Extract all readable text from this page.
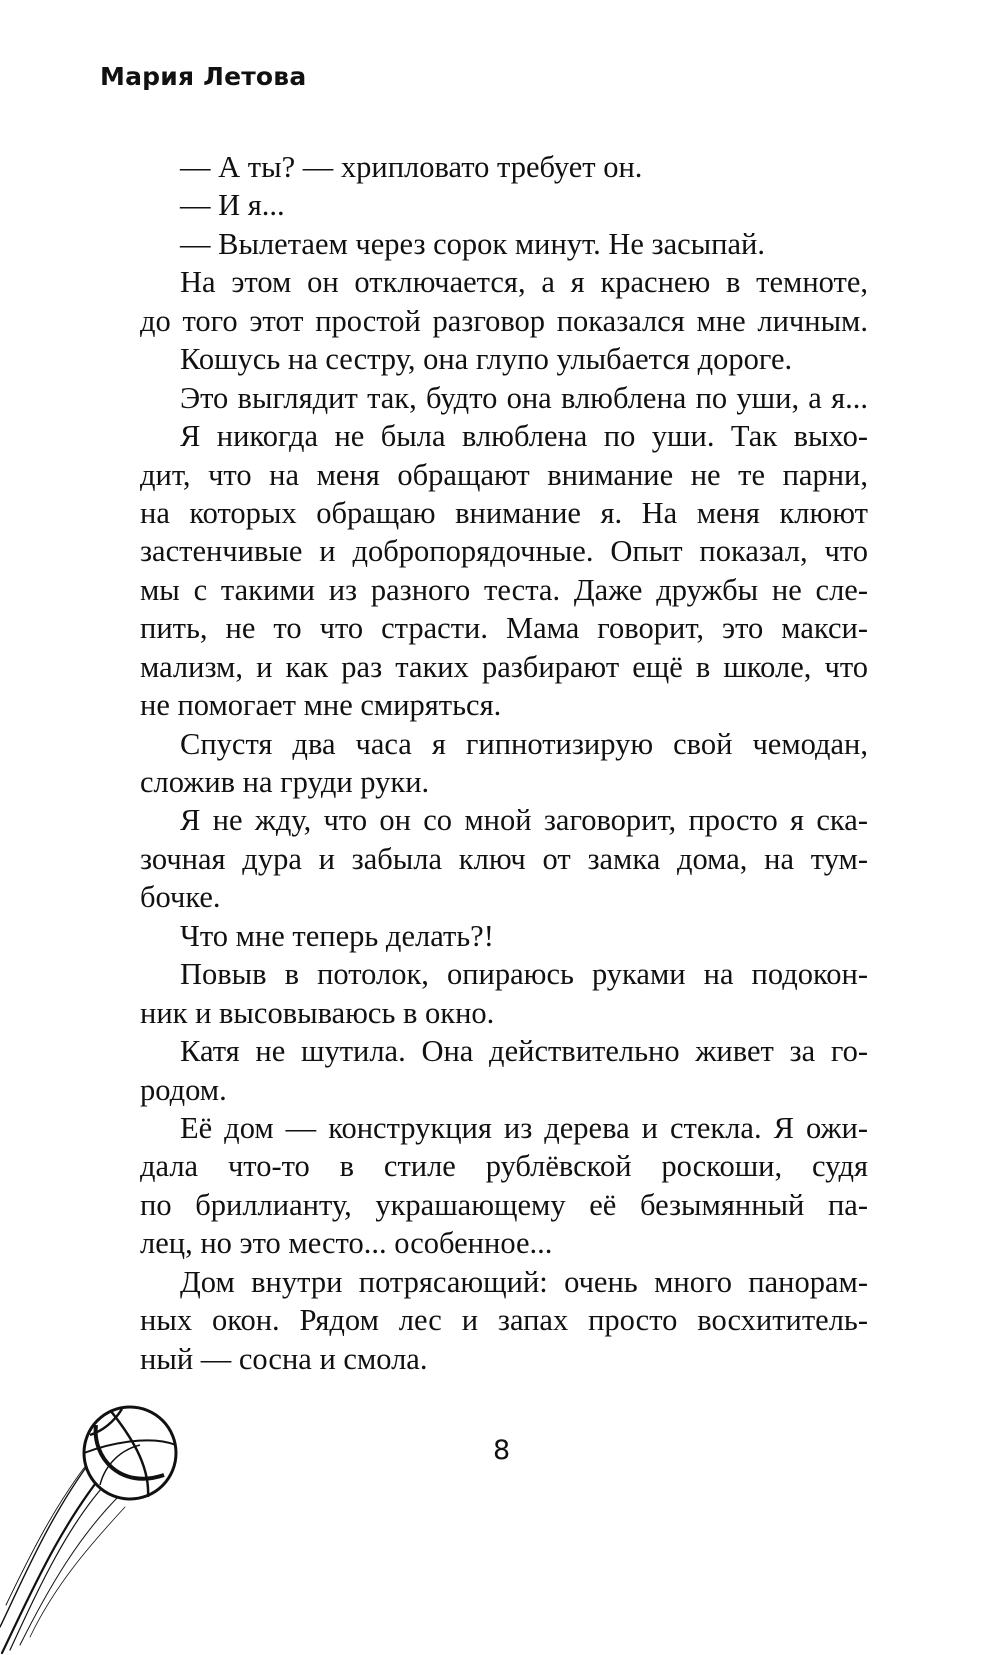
Мария Летова
— А ты? — хрипловато требует он.
— И я...
— Вылетаем через сорок минут. Не засыпай.
На этом он отключается, а я краснею в темноте,
до того этот простой разговор показался мне личным.
Кошусь на сестру, она глупо улыбается дороге.
Это выглядит так, будто она влюблена по уши, а я...
Я никогда не была влюблена по уши. Так выхо-
дит, что на меня обращают внимание не те парни,
на которых обращаю внимание я. На меня клюют
застенчивые и добропорядочные. Опыт показал, что
мы с такими из разного теста. Даже дружбы не сле-
пить, не то что страсти. Мама говорит, это макси-
мализм, и как раз таких разбирают ещё в школе, что
не помогает мне смиряться.
Спустя два часа я гипнотизирую свой чемодан,
сложив на груди руки.
Я не жду, что он со мной заговорит, просто я ска-
зочная дура и забыла ключ от замка дома, на тум-
бочке.
Что мне теперь делать?!
Повыв в потолок, опираюсь руками на подокон-
ник и высовываюсь в окно.
Катя не шутила. Она действительно живет за го-
родом.
Её дом — конструкция из дерева и стекла. Я ожи-
дала что-то в стиле рублёвской роскоши, судя
по бриллианту, украшающему её безымянный па-
лец, но это место... особенное...
Дом внутри потрясающий: очень много панорам-
ных окон. Рядом лес и запах просто восхититель-
ный — сосна и смола.
8
